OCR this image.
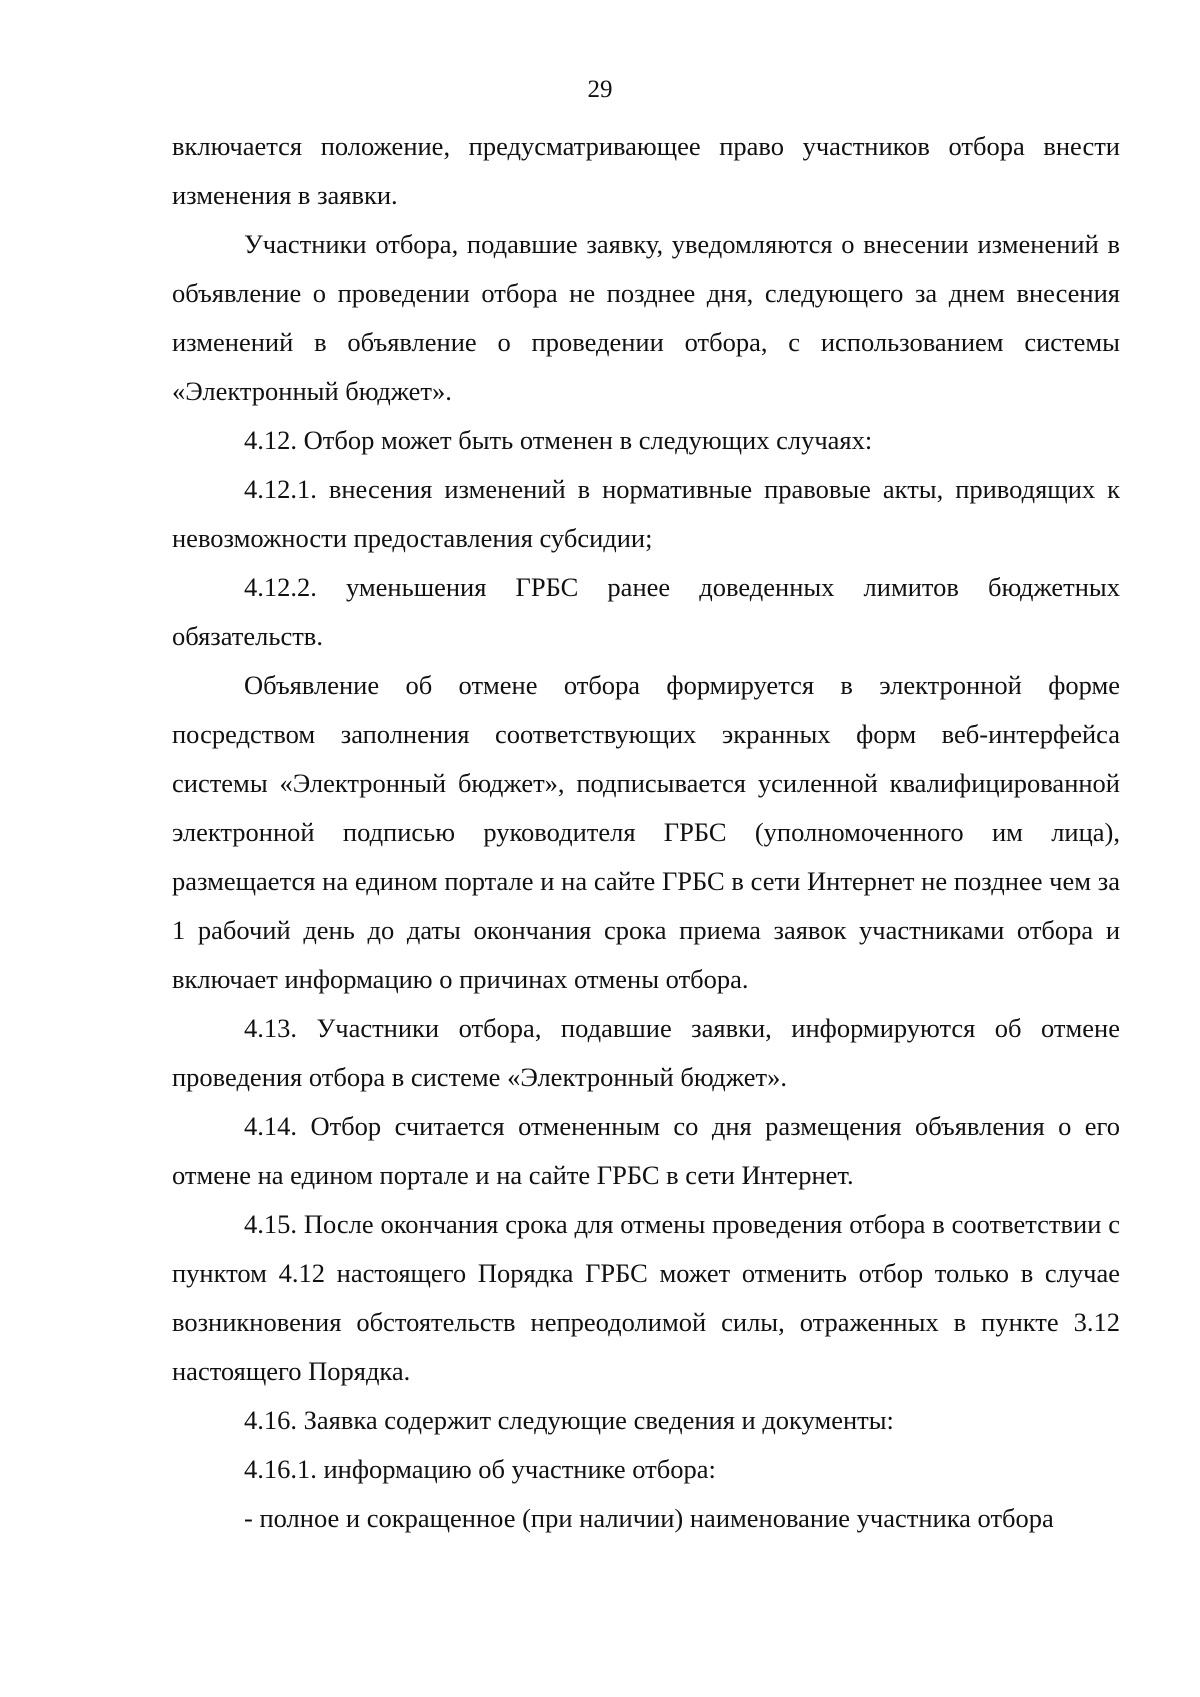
29

включается положение, предусматривающее право участников отбора внести изменения в заявки.

Участники отбора, подавшие заявку, уведомляются о внесении изменений в объявление о проведении отбора не позднее дня, следующего за днем внесения изменений в объявление о проведении отбора, с использованием системы «Электронный бюджет».

4.12. Отбор может быть отменен в следующих случаях:

4.12.1. внесения изменений в нормативные правовые акты, приводящих к невозможности предоставления субсидии;

4.12.2. уменьшения ГРБС ранее доведенных лимитов бюджетных обязательств.

Объявление об отмене отбора формируется в электронной форме посредством заполнения соответствующих экранных форм веб-интерфейса системы «Электронный бюджет», подписывается усиленной квалифицированной электронной подписью руководителя ГРБС (уполномоченного им лица), размещается на едином портале и на сайте ГРБС в сети Интернет не позднее чем за 1 рабочий день до даты окончания срока приема заявок участниками отбора и включает информацию о причинах отмены отбора.

4.13. Участники отбора, подавшие заявки, информируются об отмене проведения отбора в системе «Электронный бюджет».

4.14. Отбор считается отмененным со дня размещения объявления о его отмене на едином портале и на сайте ГРБС в сети Интернет.

4.15. После окончания срока для отмены проведения отбора в соответствии с пунктом 4.12 настоящего Порядка ГРБС может отменить отбор только в случае возникновения обстоятельств непреодолимой силы, отраженных в пункте 3.12 настоящего Порядка.

4.16. Заявка содержит следующие сведения и документы:

4.16.1. информацию об участнике отбора:

- полное и сокращенное (при наличии) наименование участника отбора
